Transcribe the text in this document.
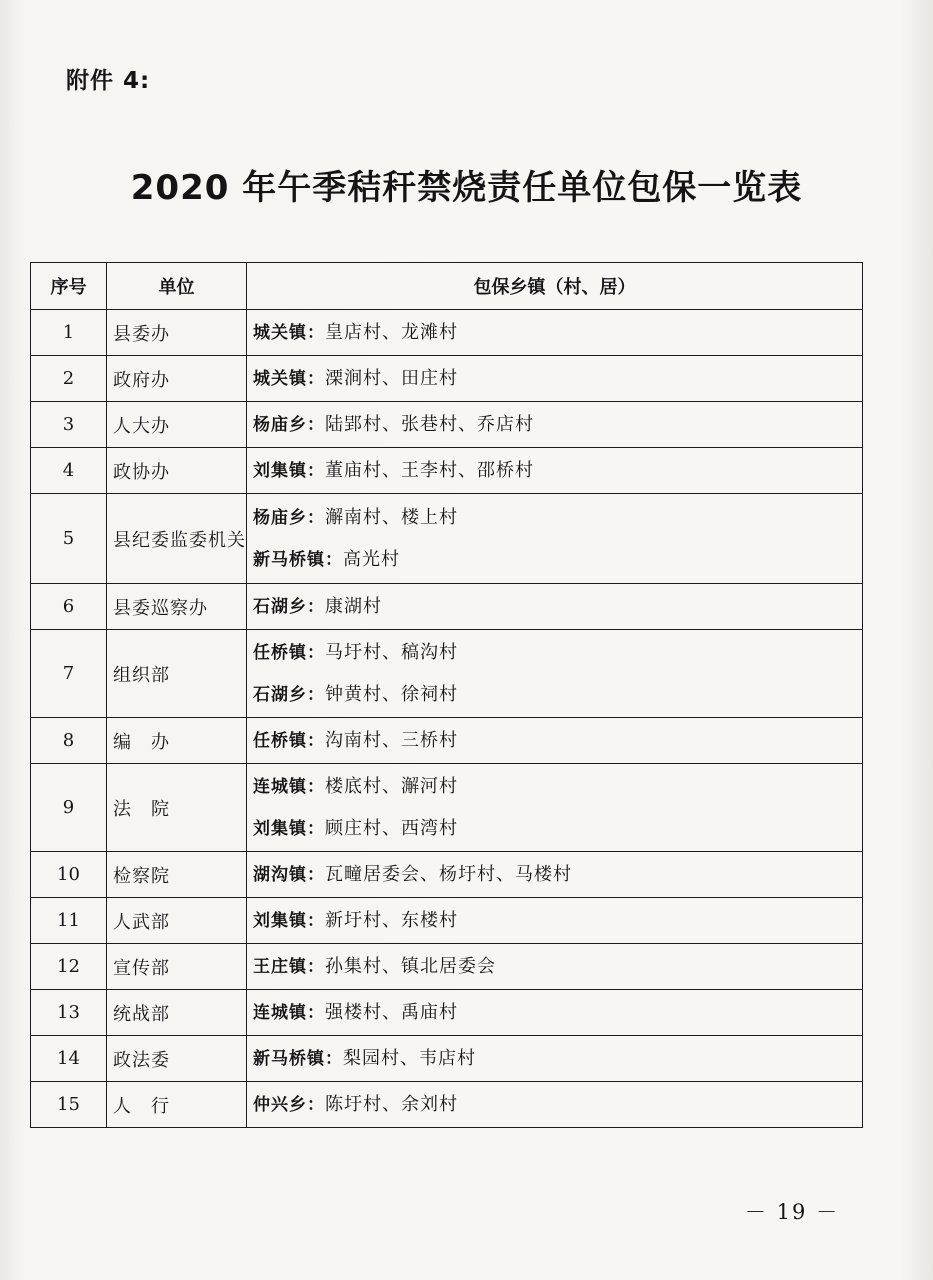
附件 4:
2020 年午季秸秆禁烧责任单位包保一览表
序号	单位	包保乡镇（村、居）
1	县委办	城关镇：皇店村、龙滩村

2	政府办	城关镇：溧涧村、田庄村

3	人大办	杨庙乡：陆郢村、张巷村、乔店村

4	政协办	刘集镇：董庙村、王李村、邵桥村

5	县纪委监委机关	杨庙乡：澥南村、楼上村
新马桥镇：高光村

6	县委巡察办	石湖乡：康湖村

7	组织部	任桥镇：马圩村、稿沟村
石湖乡：钟黄村、徐祠村

8	编　办	任桥镇：沟南村、三桥村

9	法　院	连城镇：楼底村、澥河村
刘集镇：顾庄村、西湾村

10	检察院	湖沟镇：瓦疃居委会、杨圩村、马楼村

11	人武部	刘集镇：新圩村、东楼村

12	宣传部	王庄镇：孙集村、镇北居委会

13	统战部	连城镇：强楼村、禹庙村

14	政法委	新马桥镇：梨园村、韦店村

15	人　行	仲兴乡：陈圩村、余刘村
－ 19 －
